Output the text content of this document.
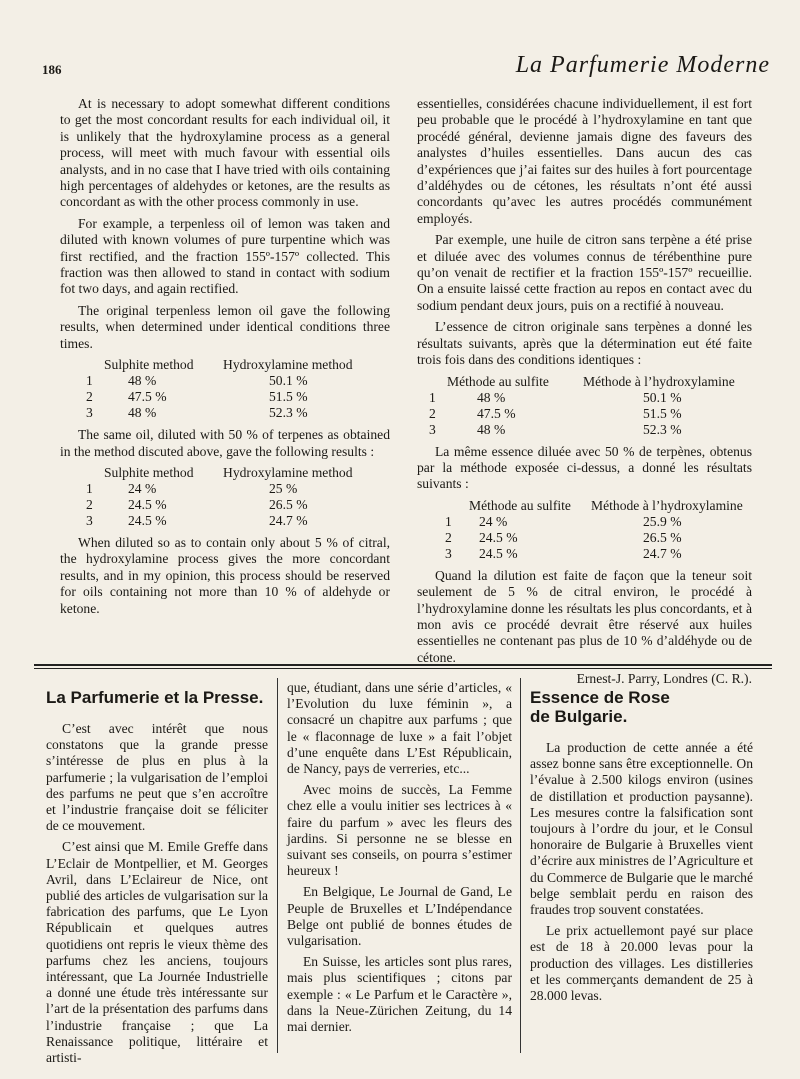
186	La Parfumerie Moderne

At is necessary to adopt somewhat different conditions to get the most concordant results for each individual oil, it is unlikely that the hydroxylamine process as a general process, will meet with much favour with essential oils analysts, and in no case that I have tried with oils containing high percentages of aldehydes or ketones, are the results as concordant as with the other process commonly in use.

For example, a terpenless oil of lemon was taken and diluted with known volumes of pure turpentine which was first rectified, and the fraction 155º-157º collected. This fraction was then allowed to stand in contact with sodium fot two days, and again rectified.

The original terpenless lemon oil gave the following results, when determined under identical conditions three times.

	Sulphite method	Hydroxylamine method
1	48 %	50.1 %
2	47.5 %	51.5 %
3	48 %	52.3 %

The same oil, diluted with 50 % of terpenes as obtained in the method discuted above, gave the following results :

	Sulphite method	Hydroxylamine method
1	24 %	25 %
2	24.5 %	26.5 %
3	24.5 %	24.7 %

When diluted so as to contain only about 5 % of citral, the hydroxylamine process gives the more concordant results, and in my opinion, this process should be reserved for oils containing not more than 10 % of aldehyde or ketone.

essentielles, considérées chacune individuellement, il est fort peu probable que le procédé à l’hydroxylamine en tant que procédé général, devienne jamais digne des faveurs des analystes d’huiles essentielles. Dans aucun des cas d’expériences que j’ai faites sur des huiles à fort pourcentage d’aldéhydes ou de cétones, les résultats n’ont été aussi concordants qu’avec les autres procédés communément employés.

Par exemple, une huile de citron sans terpène a été prise et diluée avec des volumes connus de térébenthine pure qu’on venait de rectifier et la fraction 155º-157º recueillie. On a ensuite laissé cette fraction au repos en contact avec du sodium pendant deux jours, puis on a rectifié à nouveau.

L’essence de citron originale sans terpènes a donné les résultats suivants, après que la détermination eut été faite trois fois dans des conditions identiques :

	Méthode au sulfite	Méthode à l’hydroxylamine
1	48 %	50.1 %
2	47.5 %	51.5 %
3	48 %	52.3 %

La même essence diluée avec 50 % de terpènes, obtenus par la méthode exposée ci-dessus, a donné les résultats suivants :

	Méthode au sulfite	Méthode à l’hydroxylamine
1	24 %	25.9 %
2	24.5 %	26.5 %
3	24.5 %	24.7 %

Quand la dilution est faite de façon que la teneur soit seulement de 5 % de citral environ, le procédé à l’hydroxylamine donne les résultats les plus concordants, et à mon avis ce procédé devrait être réservé aux huiles essentielles ne contenant pas plus de 10 % d’aldéhyde ou de cétone.

Ernest-J. Parry, Londres (C. R.).

La Parfumerie et la Presse.

C’est avec intérêt que nous constatons que la grande presse s’intéresse de plus en plus à la parfumerie ; la vulgarisation de l’emploi des parfums ne peut que s’en accroître et l’industrie française doit se féliciter de ce mouvement.

C’est ainsi que M. Emile Greffe dans L’Eclair de Montpellier, et M. Georges Avril, dans L’Eclaireur de Nice, ont publié des articles de vulgarisation sur la fabrication des parfums, que Le Lyon Républicain et quelques autres quotidiens ont repris le vieux thème des parfums chez les anciens, toujours intéressant, que La Journée Industrielle a donné une étude très intéressante sur l’art de la présentation des parfums dans l’industrie française ; que La Renaissance politique, littéraire et artisti-

que, étudiant, dans une série d’articles, « l’Evolution du luxe féminin », a consacré un chapitre aux parfums ; que le « flaconnage de luxe » a fait l’objet d’une enquête dans L’Est Républicain, de Nancy, pays de verreries, etc...

Avec moins de succès, La Femme chez elle a voulu initier ses lectrices à « faire du parfum » avec les fleurs des jardins. Si personne ne se blesse en suivant ses conseils, on pourra s’estimer heureux !

En Belgique, Le Journal de Gand, Le Peuple de Bruxelles et L’Indépendance Belge ont publié de bonnes études de vulgarisation.

En Suisse, les articles sont plus rares, mais plus scientifiques ; citons par exemple : « Le Parfum et le Caractère », dans la Neue-Zürichen Zeitung, du 14 mai dernier.

Essence de Rose
de Bulgarie.

La production de cette année a été assez bonne sans être exceptionnelle. On l’évalue à 2.500 kilogs environ (usines de distillation et production paysanne). Les mesures contre la falsification sont toujours à l’ordre du jour, et le Consul honoraire de Bulgarie à Bruxelles vient d’écrire aux ministres de l’Agriculture et du Commerce de Bulgarie que le marché belge semblait perdu en raison des fraudes trop souvent constatées.

Le prix actuellemont payé sur place est de 18 à 20.000 levas pour la production des villages. Les distilleries et les commerçants demandent de 25 à 28.000 levas.
